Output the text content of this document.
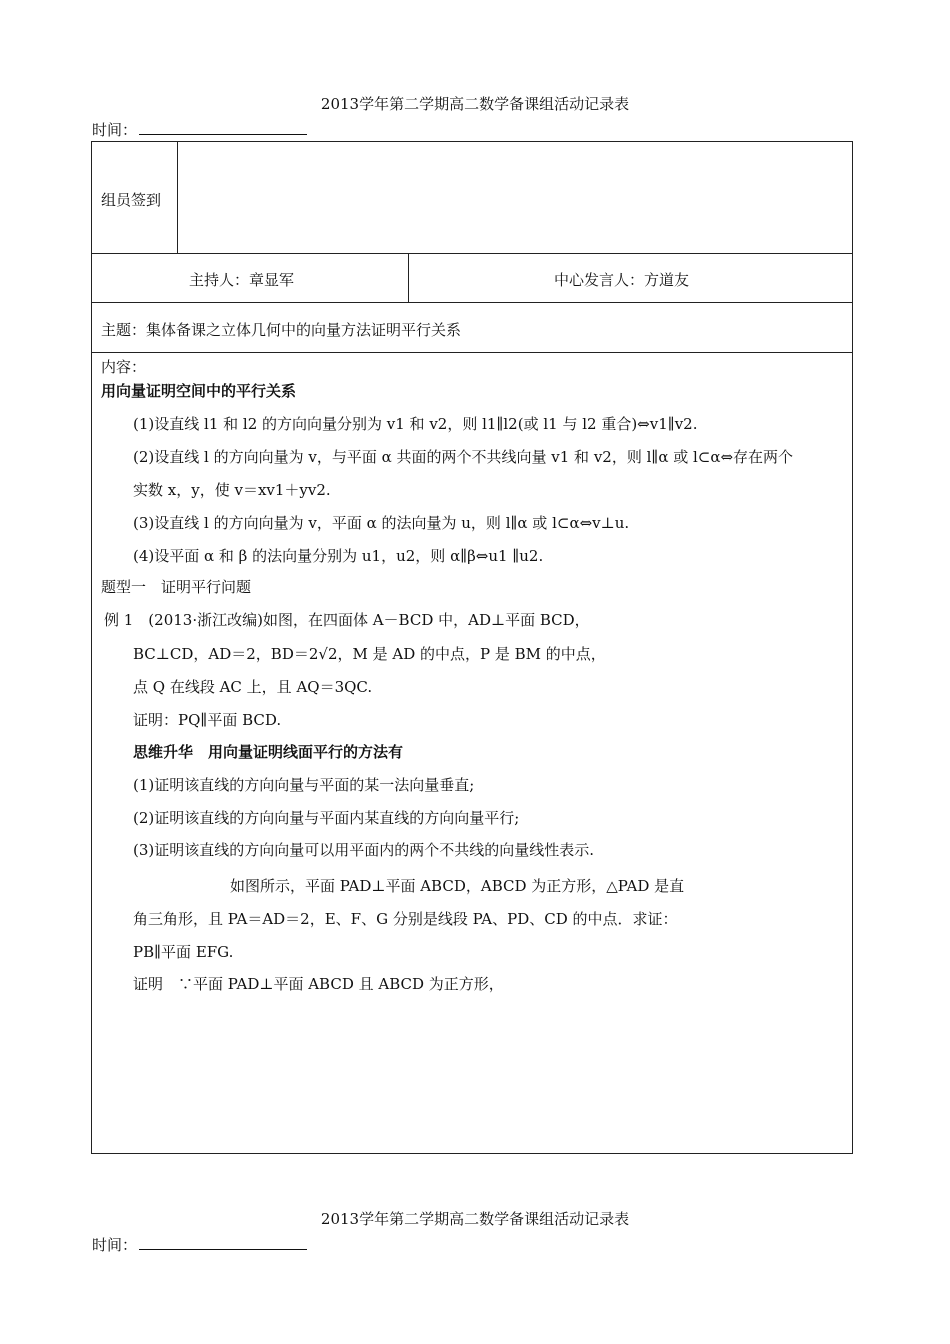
2013学年第二学期高二数学备课组活动记录表
时间：
组员签到
主持人：章显军	中心发言人：方道友
主题：集体备课之立体几何中的向量方法证明平行关系
内容：
用向量证明空间中的平行关系
(1)设直线 l1 和 l2 的方向向量分别为 v1 和 v2，则 l1∥l2(或 l1 与 l2 重合)⇔v1∥v2.
(2)设直线 l 的方向向量为 v，与平面 α 共面的两个不共线向量 v1 和 v2，则 l∥α 或 l⊂α⇔存在两个
实数 x，y，使 v＝xv1＋yv2.
(3)设直线 l 的方向向量为 v，平面 α 的法向量为 u，则 l∥α 或 l⊂α⇔v⊥u.
(4)设平面 α 和 β 的法向量分别为 u1，u2，则 α∥β⇔u1 ∥u2.
题型一　证明平行问题
例 1　(2013·浙江改编)如图，在四面体 A－BCD 中，AD⊥平面 BCD，
BC⊥CD，AD＝2，BD＝2√2，M 是 AD 的中点，P 是 BM 的中点，
点 Q 在线段 AC 上，且 AQ＝3QC.
证明：PQ∥平面 BCD.
思维升华　用向量证明线面平行的方法有
(1)证明该直线的方向向量与平面的某一法向量垂直;
(2)证明该直线的方向向量与平面内某直线的方向向量平行;
(3)证明该直线的方向向量可以用平面内的两个不共线的向量线性表示.
如图所示，平面 PAD⊥平面 ABCD，ABCD 为正方形，△PAD 是直
角三角形，且 PA＝AD＝2，E、F、G 分别是线段 PA、PD、CD 的中点．求证：
PB∥平面 EFG.
证明　∵平面 PAD⊥平面 ABCD 且 ABCD 为正方形，
2013学年第二学期高二数学备课组活动记录表
时间：
